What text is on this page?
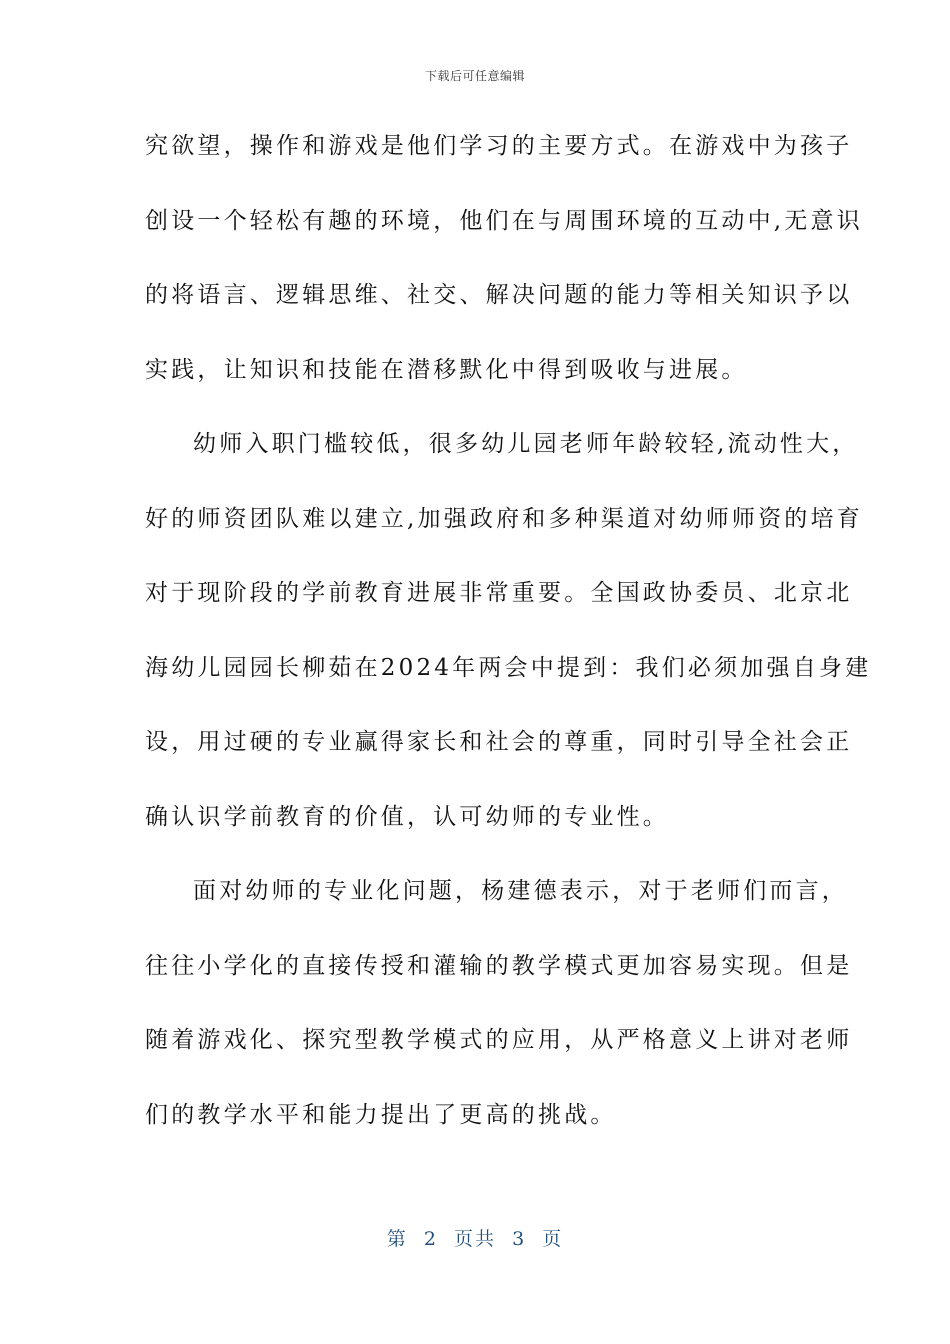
下载后可任意编辑
究欲望，操作和游戏是他们学习的主要方式。在游戏中为孩子
创设一个轻松有趣的环境，他们在与周围环境的互动中,无意识
的将语言、逻辑思维、社交、解决问题的能力等相关知识予以
实践，让知识和技能在潜移默化中得到吸收与进展。
幼师入职门槛较低，很多幼儿园老师年龄较轻,流动性大，
好的师资团队难以建立,加强政府和多种渠道对幼师师资的培育
对于现阶段的学前教育进展非常重要。全国政协委员、北京北
海幼儿园园长柳茹在2024年两会中提到：我们必须加强自身建
设，用过硬的专业赢得家长和社会的尊重，同时引导全社会正
确认识学前教育的价值，认可幼师的专业性。
面对幼师的专业化问题，杨建德表示，对于老师们而言，
往往小学化的直接传授和灌输的教学模式更加容易实现。但是
随着游戏化、探究型教学模式的应用，从严格意义上讲对老师
们的教学水平和能力提出了更高的挑战。
第  2  页共  3  页
